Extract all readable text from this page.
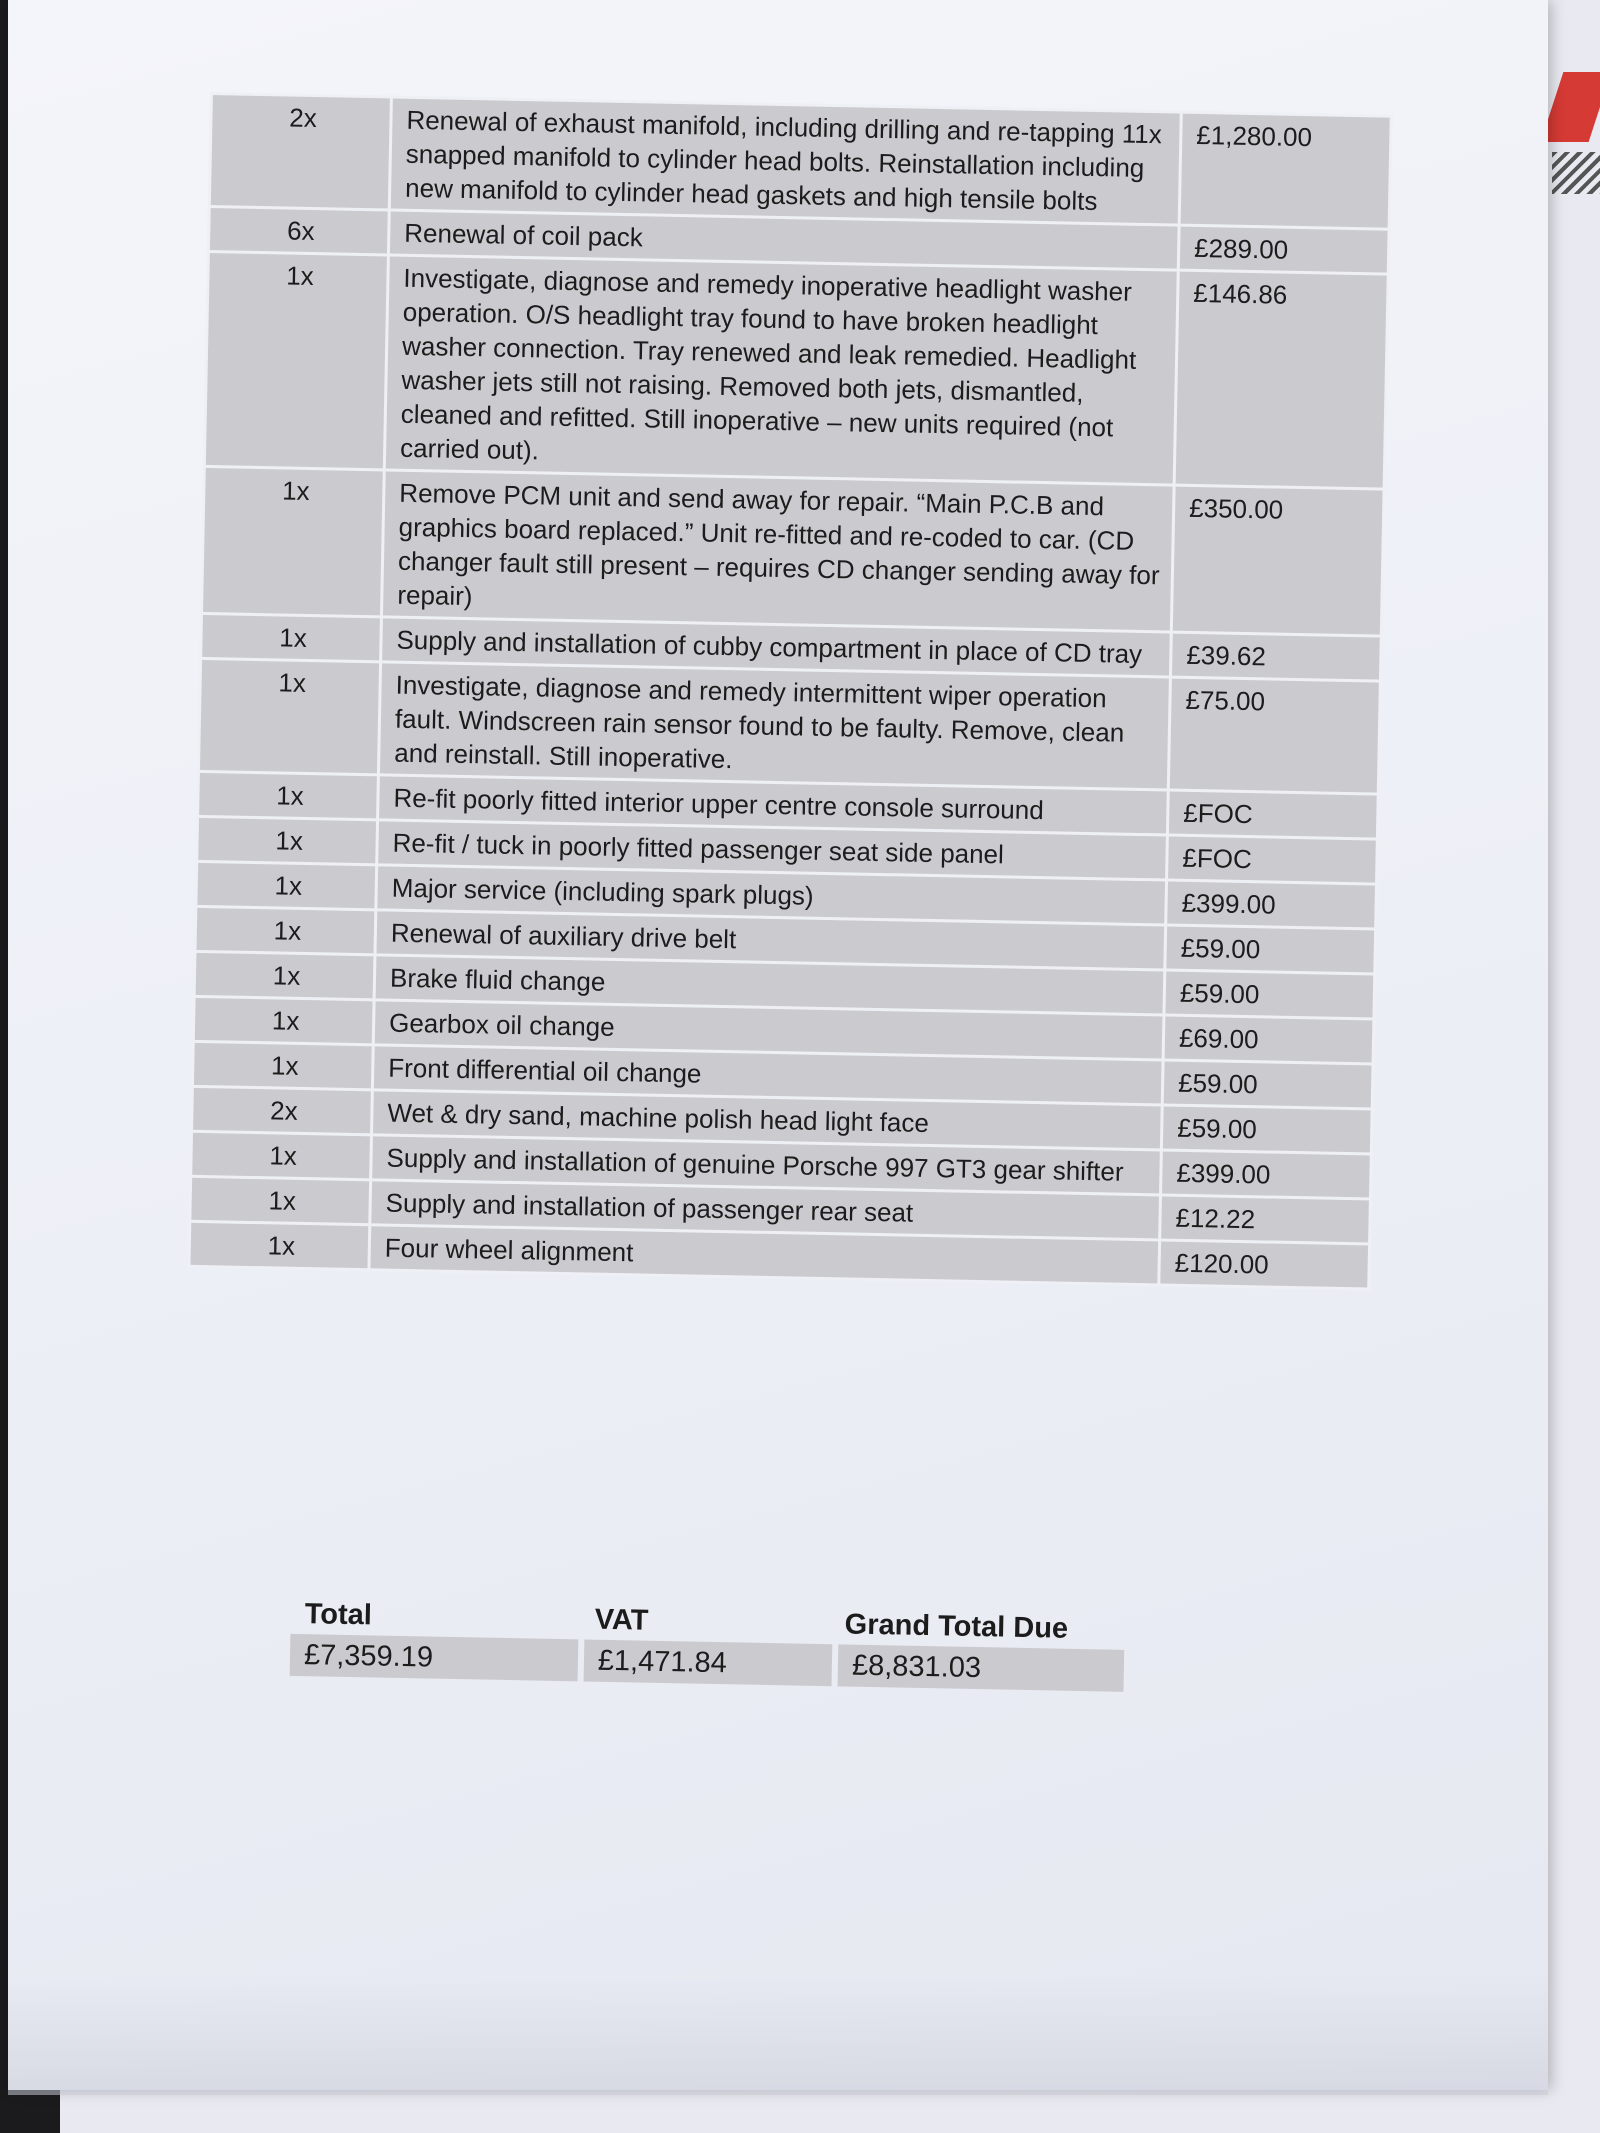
2x	Renewal of exhaust manifold, including drilling and re-tapping 11x snapped manifold to cylinder head bolts. Reinstallation including new manifold to cylinder head gaskets and high tensile bolts	£1,280.00
6x	Renewal of coil pack	£289.00
1x	Investigate, diagnose and remedy inoperative headlight washer operation. O/S headlight tray found to have broken headlight washer connection. Tray renewed and leak remedied. Headlight washer jets still not raising. Removed both jets, dismantled, cleaned and refitted. Still inoperative – new units required (not carried out).	£146.86
1x	Remove PCM unit and send away for repair. “Main P.C.B and graphics board replaced.” Unit re-fitted and re-coded to car. (CD changer fault still present – requires CD changer sending away for repair)	£350.00
1x	Supply and installation of cubby compartment in place of CD tray	£39.62
1x	Investigate, diagnose and remedy intermittent wiper operation fault. Windscreen rain sensor found to be faulty. Remove, clean and reinstall. Still inoperative.	£75.00
1x	Re-fit poorly fitted interior upper centre console surround	£FOC
1x	Re-fit / tuck in poorly fitted passenger seat side panel	£FOC
1x	Major service (including spark plugs)	£399.00
1x	Renewal of auxiliary drive belt	£59.00
1x	Brake fluid change	£59.00
1x	Gearbox oil change	£69.00
1x	Front differential oil change	£59.00
2x	Wet & dry sand, machine polish head light face	£59.00
1x	Supply and installation of genuine Porsche 997 GT3 gear shifter	£399.00
1x	Supply and installation of passenger rear seat	£12.22
1x	Four wheel alignment	£120.00
Total	VAT	Grand Total Due
£7,359.19	£1,471.84	£8,831.03
